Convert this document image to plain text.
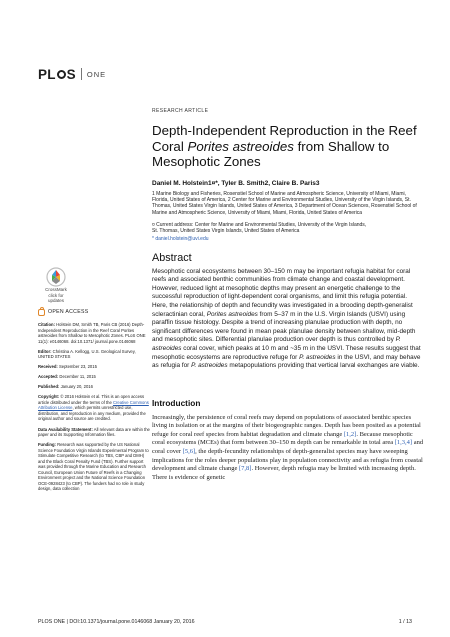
PL S ONE
CrossMark
click for updates
OPEN ACCESS
Citation: Holstein DM, Smith TB, Paris CB (2016) Depth-Independent Reproduction in the Reef Coral Porites astreoides from Shallow to Mesophotic Zones. PLoS ONE 11(1): e0146068. doi:10.1371/ journal.pone.0146068
Editor: Christina A. Kellogg, U.S. Geological Survey, UNITED STATES
Received: September 23, 2015
Accepted: December 11, 2015
Published: January 20, 2016
Copyright: © 2016 Holstein et al. This is an open access article distributed under the terms of the Creative Commons Attribution License, which permits unrestricted use, distribution, and reproduction in any medium, provided the original author and source are credited.
Data Availability Statement: All relevant data are within the paper and its Supporting Information files.
Funding: Research was supported by the US National Science Foundation Virgin Islands Experimental Program to Stimulate Competitive Research (to TBS, CBP and DMH) and the Black Coral Penalty Fund (TBS). Further support was provided through the Marine Education and Research Council, European Union Future of Reefs in a Changing Environment project and the National Science Foundation OCE-0928423 (to CBP). The funders had no role in study design, data collection
RESEARCH ARTICLE
Depth-Independent Reproduction in the Reef Coral Porites astreoides from Shallow to Mesophotic Zones
Daniel M. Holstein1¤*, Tyler B. Smith2, Claire B. Paris3
1 Marine Biology and Fisheries, Rosenstiel School of Marine and Atmospheric Science, University of Miami, Miami, Florida, United States of America, 2 Center for Marine and Environmental Studies, University of the Virgin Islands, St. Thomas, United States Virgin Islands, United States of America, 3 Department of Ocean Sciences, Rosenstiel School of Marine and Atmospheric Science, University of Miami, Miami, Florida, United States of America
¤ Current address: Center for Marine and Environmental Studies, University of the Virgin Islands,
St. Thomas, United States Virgin Islands, United States of America
* daniel.holstein@uvi.edu
Abstract
Mesophotic coral ecosystems between 30–150 m may be important refugia habitat for coral reefs and associated benthic communities from climate change and coastal development. However, reduced light at mesophotic depths may present an energetic challenge to the successful reproduction of light-dependent coral organisms, and limit this refugia potential. Here, the relationship of depth and fecundity was investigated in a brooding depth-generalist scleractinian coral, Porites astreoides from 5–37 m in the U.S. Virgin Islands (USVI) using paraffin tissue histology. Despite a trend of increasing planulae production with depth, no significant differences were found in mean peak planulae density between shallow, mid-depth and mesophotic sites. Differential planulae production over depth is thus controlled by P. astreoides coral cover, which peaks at 10 m and ~35 m in the USVI. These results suggest that mesophotic ecosystems are reproductive refuge for P. astreoides in the USVI, and may behave as refugia for P. astreoides metapopulations providing that vertical larval exchanges are viable.
Introduction
Increasingly, the persistence of coral reefs may depend on populations of associated benthic species living in isolation or at the margins of their biogeographic ranges. Depth has been posited as a potential refuge for coral reef species from habitat degradation and climate change [1,2]. Because mesophotic coral ecosystems (MCEs) that form between 30–150 m depth can be remarkable in total area [1,3,4] and coral cover [5,6], the depth-fecundity relationships of depth-generalist species may have sweeping implications for the roles deeper populations play in population connectivity and as refugia from coastal development and climate change [7,8]. However, depth refugia may be limited with increasing depth. There is evidence of genetic
PLOS ONE | DOI:10.1371/journal.pone.0146068 January 20, 2016	1 / 13
